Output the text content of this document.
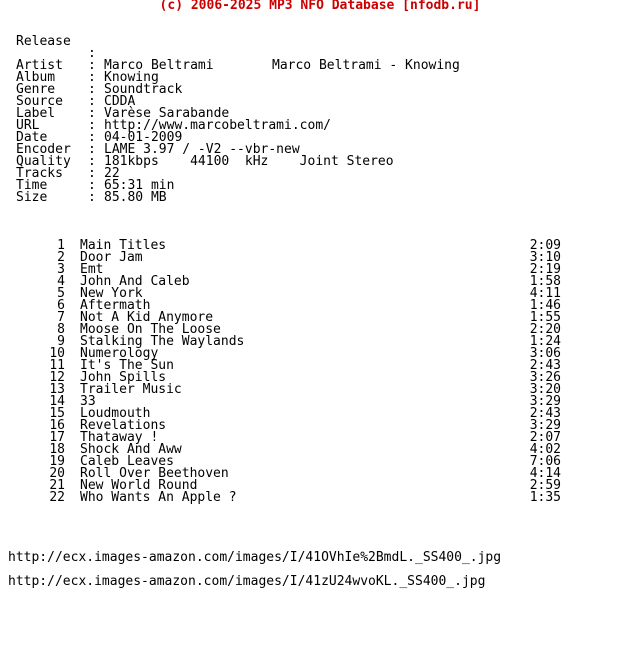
(c) 2006-2025 MP3 NFO Database [nfodb.ru]

Release

:

Marco Beltrami - Knowing

Artist : Marco Beltrami
Album	: Knowing
Genre	: Soundtrack
Source : CDDA
Label	: Varèse Sarabande
URL	: http://www.marcobeltrami.com/
Date	: 04-01-2009
Encoder : LAME 3.97 / -V2 --vbr-new
Quality : 181kbps    44100  kHz    Joint Stereo
Tracks : 22
Time	: 65:31 min
Size	: 85.80 MB
1 Main Titles	2:09
2 Door Jam	3:10
3 Emt	2:19
4 John And Caleb	1:58
5 New York	4:11
6 Aftermath	1:46
7 Not A Kid Anymore	1:55
8 Moose On The Loose	2:20
9 Stalking The Waylands	1:24
10 Numerology	3:06
11 It's The Sun	2:43
12 John Spills	3:26
13 Trailer Music	3:20
14 33	3:29
15 Loudmouth	2:43
16 Revelations	3:29
17 Thataway !	2:07
18 Shock And Aww	4:02
19 Caleb Leaves	7:06
20 Roll Over Beethoven	4:14
21 New World Round	2:59
22 Who Wants An Apple ?	1:35
http://ecx.images-amazon.com/images/I/41OVhIe%2BmdL._SS400_.jpg
http://ecx.images-amazon.com/images/I/41zU24wvoKL._SS400_.jpg
